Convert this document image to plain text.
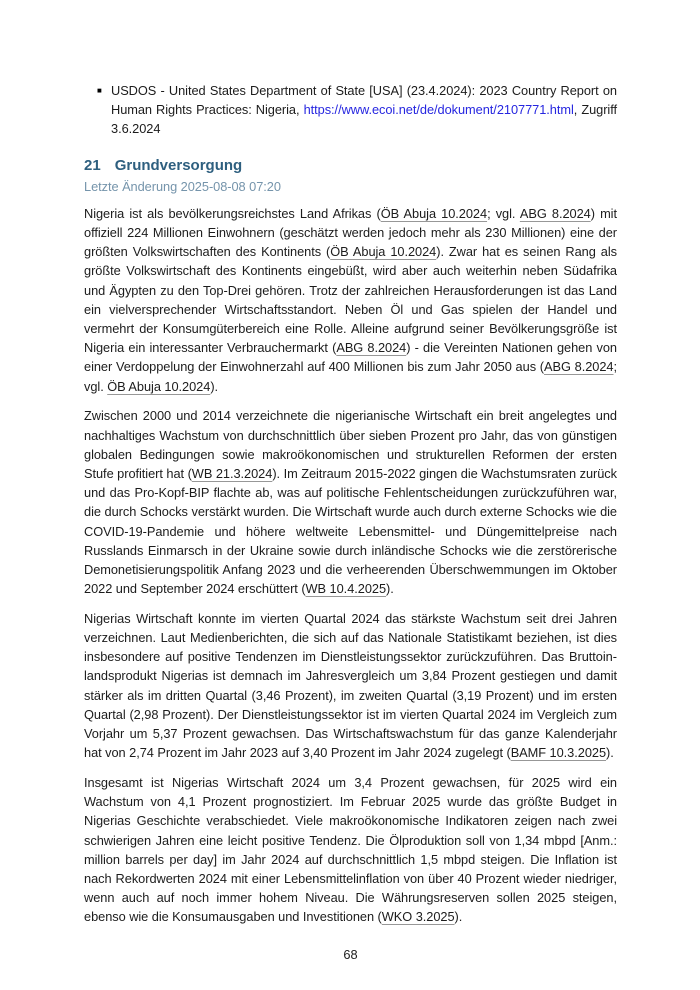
■ USDOS - United States Department of State [USA] (23.4.2024): 2023 Country Report on Human Rights Practices: Nigeria, https://www.ecoi.net/de/dokument/2107771.html, Zugriff 3.6.2024
21 Grundversorgung
Letzte Änderung 2025-08-08 07:20

Nigeria ist als bevölkerungsreichstes Land Afrikas (ÖB Abuja 10.2024; vgl. ABG 8.2024) mit offiziell 224 Millionen Einwohnern (geschätzt werden jedoch mehr als 230 Millionen) eine der größten Volkswirtschaften des Kontinents (ÖB Abuja 10.2024). Zwar hat es seinen Rang als größte Volkswirtschaft des Kontinents eingebüßt, wird aber auch weiterhin neben Südafrika und Ägypten zu den Top-Drei gehören. Trotz der zahlreichen Herausforderungen ist das Land ein vielversprechender Wirtschaftsstandort. Neben Öl und Gas spielen der Handel und vermehrt der Konsumgüterbereich eine Rolle. Alleine aufgrund seiner Bevölkerungsgröße ist Nigeria ein interessanter Verbrauchermarkt (ABG 8.2024) - die Vereinten Nationen gehen von einer Verdoppelung der Einwohnerzahl auf 400 Millionen bis zum Jahr 2050 aus (ABG 8.2024; vgl. ÖB Abuja 10.2024).

Zwischen 2000 und 2014 verzeichnete die nigerianische Wirtschaft ein breit angelegtes und nachhaltiges Wachstum von durchschnittlich über sieben Prozent pro Jahr, das von günstigen globalen Bedingungen sowie makroökonomischen und strukturellen Reformen der ersten Stufe profitiert hat (WB 21.3.2024). Im Zeitraum 2015-2022 gingen die Wachstumsraten zurück und das Pro-Kopf-BIP flachte ab, was auf politische Fehlentscheidungen zurückzuführen war, die durch Schocks verstärkt wurden. Die Wirtschaft wurde auch durch externe Schocks wie die COVID-19-Pandemie und höhere weltweite Lebensmittel- und Düngemittelpreise nach Russlands Einmarsch in der Ukraine sowie durch inländische Schocks wie die zerstörerische Demonetisierungspolitik Anfang 2023 und die verheerenden Überschwemmungen im Oktober 2022 und September 2024 erschüttert (WB 10.4.2025).

Nigerias Wirtschaft konnte im vierten Quartal 2024 das stärkste Wachstum seit drei Jahren verzeichnen. Laut Medienberichten, die sich auf das Nationale Statistikamt beziehen, ist dies insbesondere auf positive Tendenzen im Dienstleistungssektor zurückzuführen. Das Bruttoinlandsprodukt Nigerias ist demnach im Jahresvergleich um 3,84 Prozent gestiegen und damit stärker als im dritten Quartal (3,46 Prozent), im zweiten Quartal (3,19 Prozent) und im ersten Quartal (2,98 Prozent). Der Dienstleistungssektor ist im vierten Quartal 2024 im Vergleich zum Vorjahr um 5,37 Prozent gewachsen. Das Wirtschaftswachstum für das ganze Kalenderjahr hat von 2,74 Prozent im Jahr 2023 auf 3,40 Prozent im Jahr 2024 zugelegt (BAMF 10.3.2025).

Insgesamt ist Nigerias Wirtschaft 2024 um 3,4 Prozent gewachsen, für 2025 wird ein Wachstum von 4,1 Prozent prognostiziert. Im Februar 2025 wurde das größte Budget in Nigerias Geschichte verabschiedet. Viele makroökonomische Indikatoren zeigen nach zwei schwierigen Jahren eine leicht positive Tendenz. Die Ölproduktion soll von 1,34 mbpd [Anm.: million barrels per day] im Jahr 2024 auf durchschnittlich 1,5 mbpd steigen. Die Inflation ist nach Rekordwerten 2024 mit einer Lebensmittelinflation von über 40 Prozent wieder niedriger, wenn auch auf noch immer hohem Niveau. Die Währungsreserven sollen 2025 steigen, ebenso wie die Konsumausgaben und Investitionen (WKO 3.2025).

68
